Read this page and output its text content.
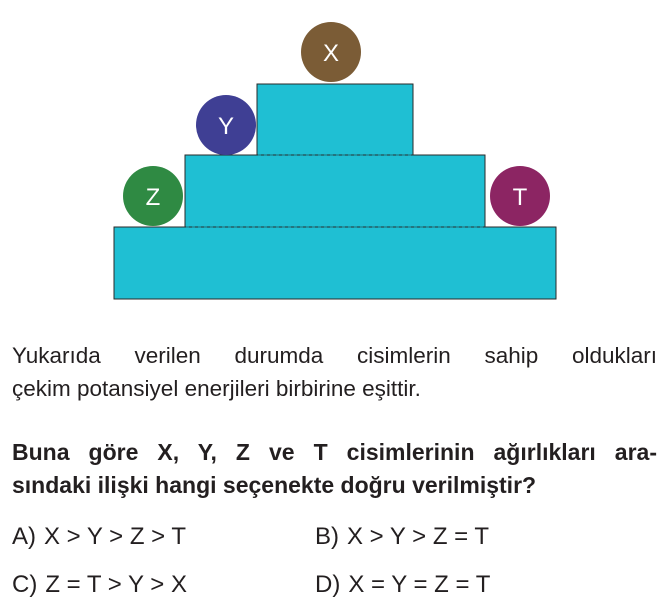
X
Y
Z	T

Yukarıda verilen durumda cisimlerin sahip oldukları
çekim potansiyel enerjileri birbirine eşittir.

Buna göre X, Y, Z ve T cisimlerinin ağırlıkları ara-
sındaki ilişki hangi seçenekte doğru verilmiştir?

A) X > Y > Z > T	B) X > Y > Z = T
C) Z = T > Y > X	D) X = Y = Z = T
